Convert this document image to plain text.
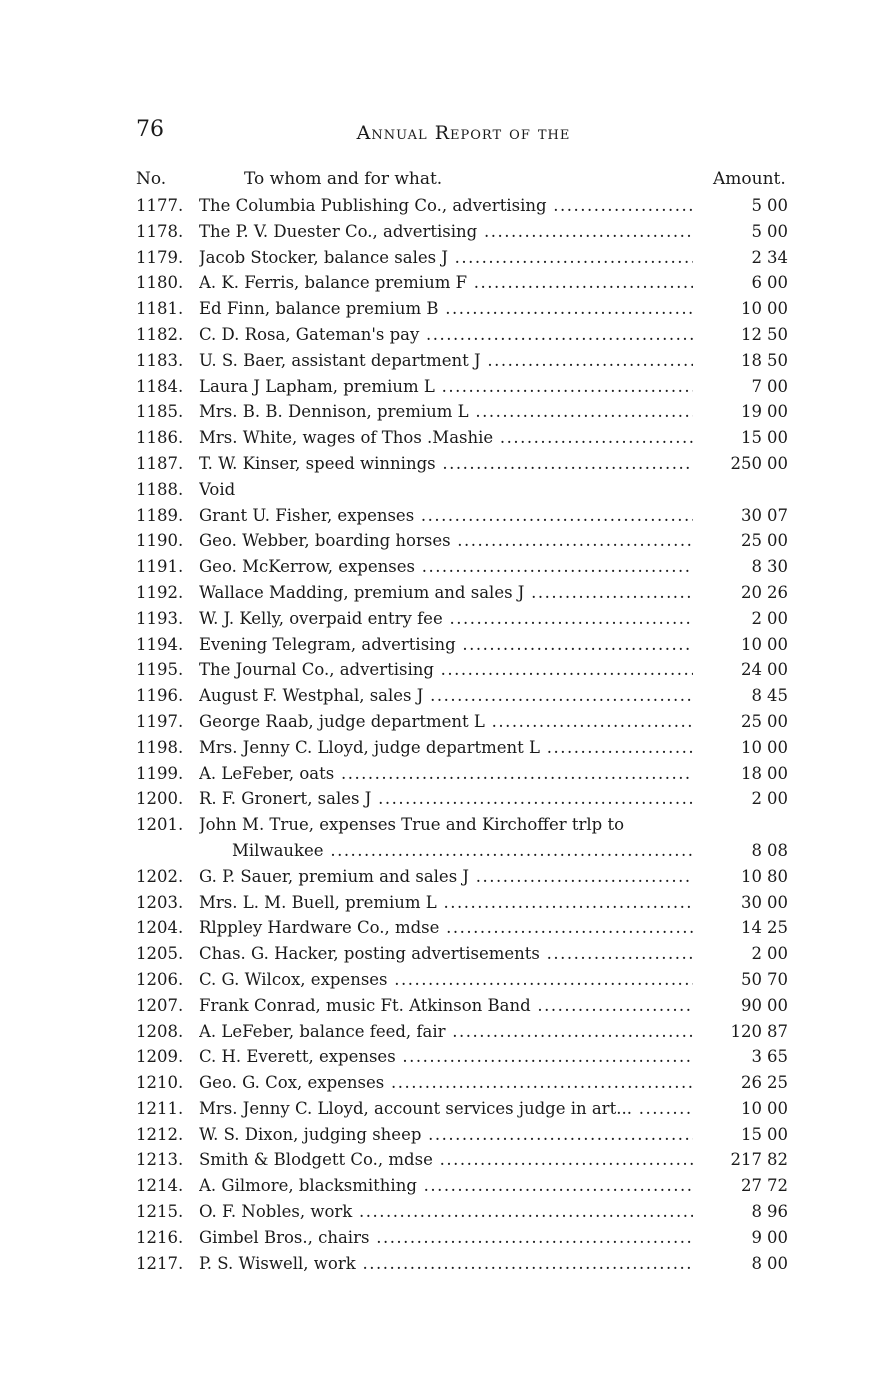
76	Annual Report of the
No.	To whom and for what.	Amount.
1177. The Columbia Publishing Co., advertising .....	5 00
1178. The P. V. Duester Co., advertising .....	5 00
1179. Jacob Stocker, balance sales J .....	2 34
1180. A. K. Ferris, balance premium F .....	6 00
1181. Ed Finn, balance premium B .....	10 00
1182. C. D. Rosa, Gateman's pay .....	12 50
1183. U. S. Baer, assistant department J .....	18 50
1184. Laura J Lapham, premium L .....	7 00
1185. Mrs. B. B. Dennison, premium L .....	19 00
1186. Mrs. White, wages of Thos .Mashie .....	15 00
1187. T. W. Kinser, speed winnings .....	250 00
1188. Void
1189. Grant U. Fisher, expenses .....	30 07
1190. Geo. Webber, boarding horses .....	25 00
1191. Geo. McKerrow, expenses .....	8 30
1192. Wallace Madding, premium and sales J .....	20 26
1193. W. J. Kelly, overpaid entry fee .....	2 00
1194. Evening Telegram, advertising .....	10 00
1195. The Journal Co., advertising .....	24 00
1196. August F. Westphal, sales J .....	8 45
1197. George Raab, judge department L .....	25 00
1198. Mrs. Jenny C. Lloyd, judge department L .....	10 00
1199. A. LeFeber, oats .....	18 00
1200. R. F. Gronert, sales J .....	2 00
1201. John M. True, expenses True and Kirchoffer trlp to
Milwaukee .....	8 08
1202. G. P. Sauer, premium and sales J .....	10 80
1203. Mrs. L. M. Buell, premium L .....	30 00
1204. Rlppley Hardware Co., mdse .....	14 25
1205. Chas. G. Hacker, posting advertisements .....	2 00
1206. C. G. Wilcox, expenses .....	50 70
1207. Frank Conrad, music Ft. Atkinson Band .....	90 00
1208. A. LeFeber, balance feed, fair .....	120 87
1209. C. H. Everett, expenses .....	3 65
1210. Geo. G. Cox, expenses .....	26 25
1211. Mrs. Jenny C. Lloyd, account services judge in art... .....	10 00
1212. W. S. Dixon, judging sheep .....	15 00
1213. Smith & Blodgett Co., mdse .....	217 82
1214. A. Gilmore, blacksmithing .....	27 72
1215. O. F. Nobles, work .....	8 96
1216. Gimbel Bros., chairs .....	9 00
1217. P. S. Wiswell, work .....	8 00
